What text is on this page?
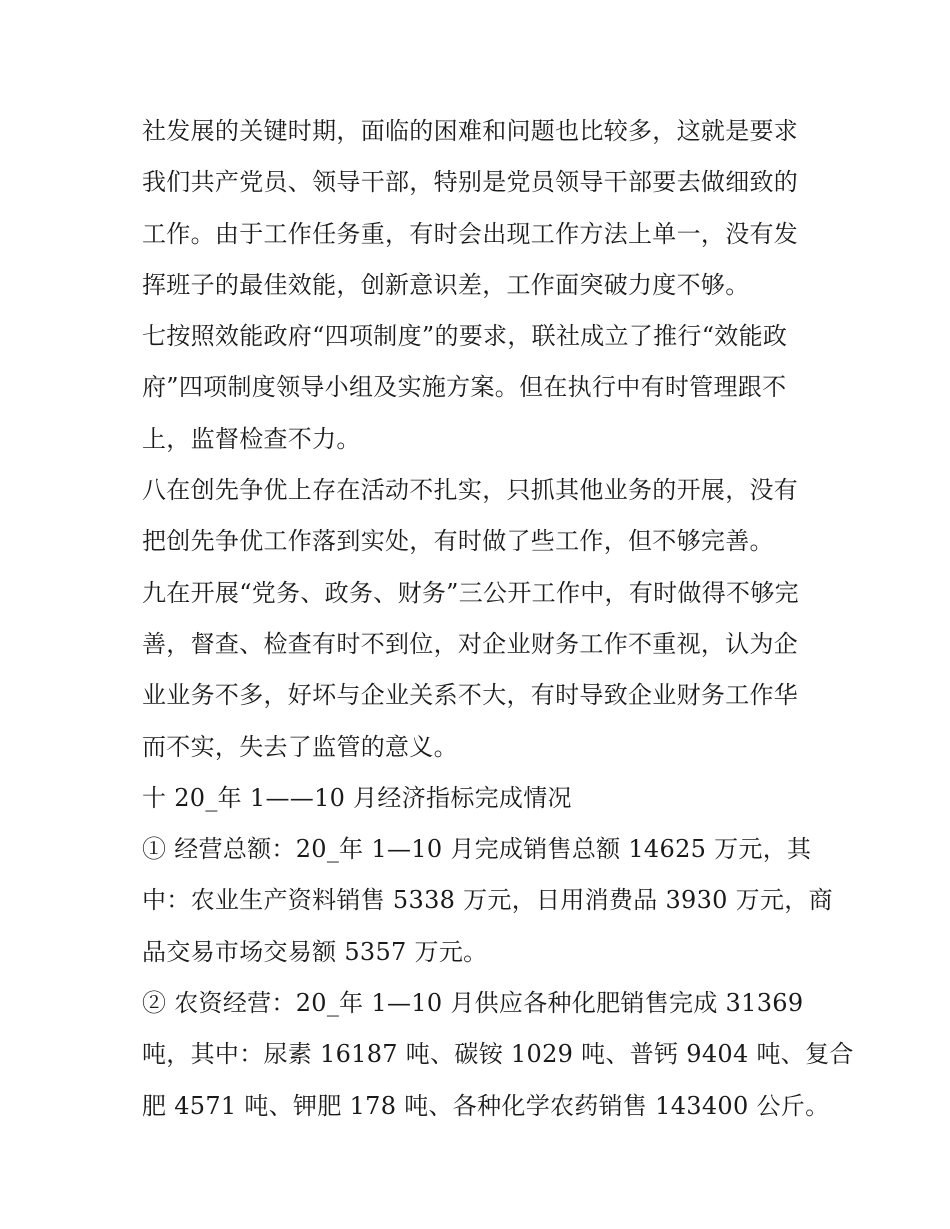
社发展的关键时期，面临的困难和问题也比较多，这就是要求
我们共产党员、领导干部，特别是党员领导干部要去做细致的
工作。由于工作任务重，有时会出现工作方法上单一，没有发
挥班子的最佳效能，创新意识差，工作面突破力度不够。
七按照效能政府“四项制度”的要求，联社成立了推行“效能政
府”四项制度领导小组及实施方案。但在执行中有时管理跟不
上，监督检查不力。
八在创先争优上存在活动不扎实，只抓其他业务的开展，没有
把创先争优工作落到实处，有时做了些工作，但不够完善。
九在开展“党务、政务、财务”三公开工作中，有时做得不够完
善，督查、检查有时不到位，对企业财务工作不重视，认为企
业业务不多，好坏与企业关系不大，有时导致企业财务工作华
而不实，失去了监管的意义。
十 20_年 1——10 月经济指标完成情况
① 经营总额：20_年 1—10 月完成销售总额 14625 万元，其
中：农业生产资料销售 5338 万元，日用消费品 3930 万元，商
品交易市场交易额 5357 万元。
② 农资经营：20_年 1—10 月供应各种化肥销售完成 31369
吨，其中：尿素 16187 吨、碳铵 1029 吨、普钙 9404 吨、复合
肥 4571 吨、钾肥 178 吨、各种化学农药销售 143400 公斤。
